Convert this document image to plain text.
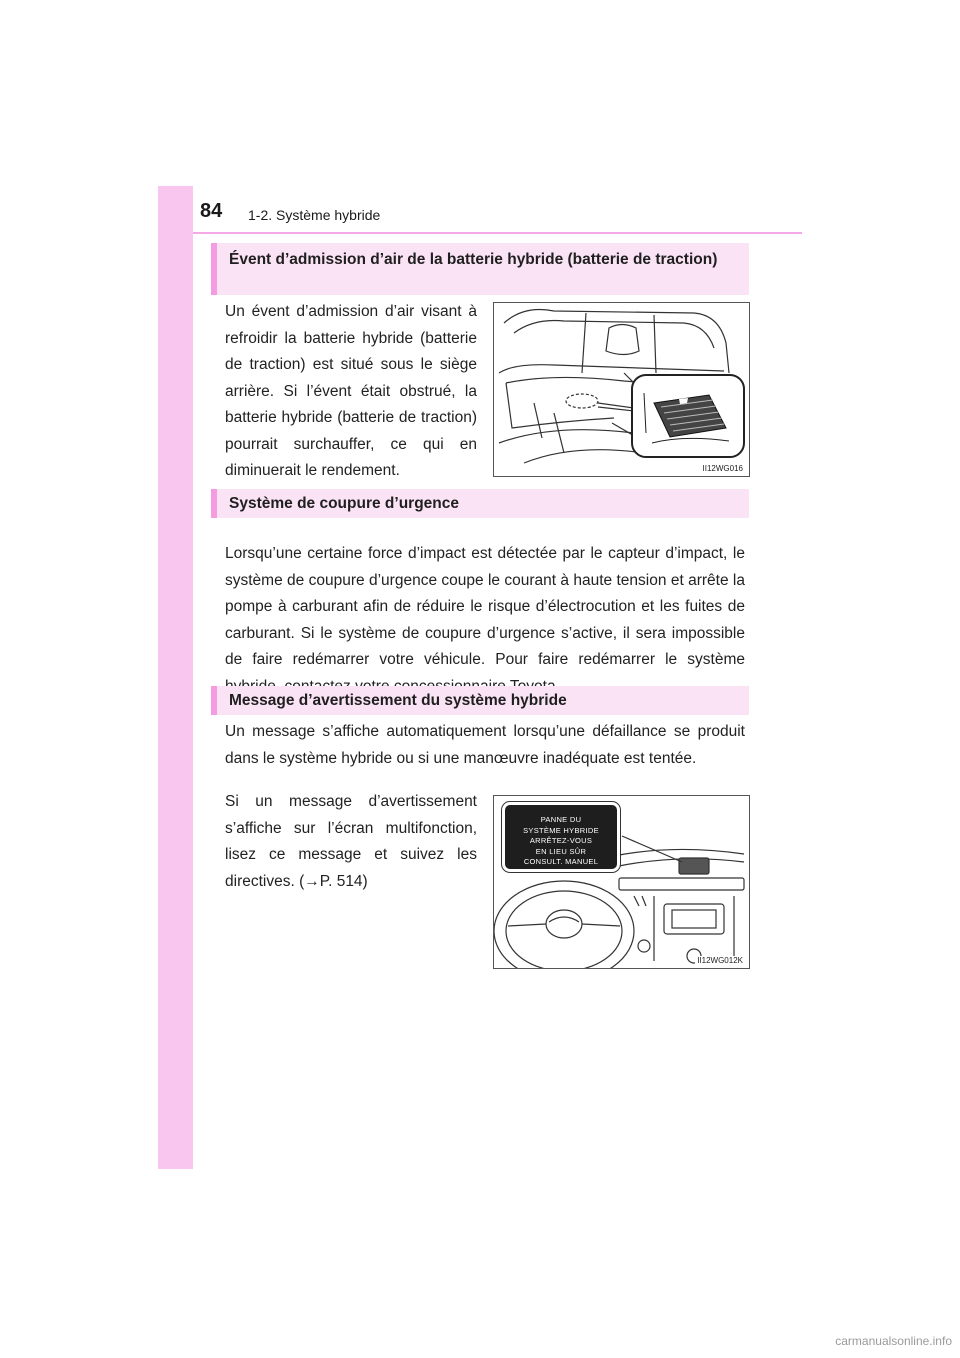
84 1-2. Système hybride
Évent d’admission d’air de la batterie hybride (batterie de traction)
Un évent d’admission d’air visant à refroidir la batterie hybride (batterie de traction) est situé sous le siège arrière. Si l’évent était obstrué, la batterie hybride (batterie de traction) pourrait surchauffer, ce qui en diminuerait le rendement.	II12WG016
Système de coupure d’urgence
Lorsqu’une certaine force d’impact est détectée par le capteur d’impact, le système de coupure d’urgence coupe le courant à haute tension et arrête la pompe à carburant afin de réduire le risque d’électrocution et les fuites de carburant. Si le système de coupure d’urgence s’active, il sera impossible de faire redémarrer votre véhicule. Pour faire redémarrer le système
Message d’avertissement du système hybride
Un message s’affiche automatiquement lorsqu’une défaillance se produit dans le système hybride ou si une manœuvre inadéquate est tentée.
Si un message d’avertissement s’affiche sur l’écran multifonction, lisez ce message et suivez les directives. (→P. 514)
PANNE DU
SYSTÈME HYBRIDE
ARRÊTEZ-VOUS
EN LIEU SÛR
CONSULT. MANUEL
II12WG012K
carmanualsonline.info
